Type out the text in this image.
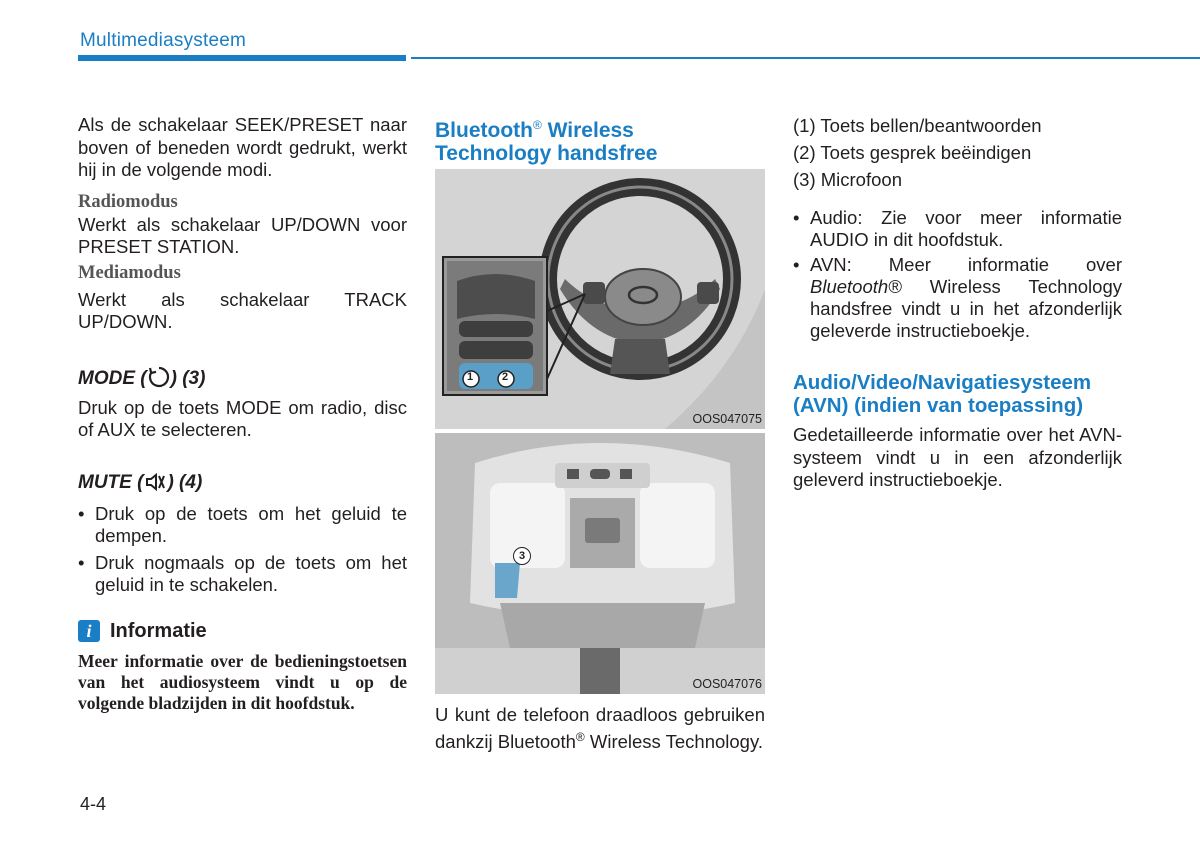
Multimediasysteem

Als de schakelaar SEEK/PRESET naar boven of beneden wordt gedrukt, werkt hij in de volgende modi.

Radiomodus

Werkt als schakelaar UP/DOWN voor PRESET STATION.

Mediamodus

Werkt als schakelaar TRACK UP/DOWN.

MODE ( ) (3)

Druk op de toets MODE om radio, disc of AUX te selecteren.

MUTE ( ) (4)

• Druk op de toets om het geluid te dempen.

• Druk nogmaals op de toets om het geluid in te schakelen.

i Informatie

Meer informatie over de bedieningstoetsen van het audiosysteem vindt u op de volgende bladzijden in dit hoofdstuk.

Bluetooth® Wireless
Technology handsfree

1	2
OOS047075
3
OOS047076

U kunt de telefoon draadloos gebruiken dankzij Bluetooth® Wireless Technology.

(1) Toets bellen/beantwoorden

(2) Toets gesprek beëindigen

(3) Microfoon

• Audio: Zie voor meer informatie AUDIO in dit hoofdstuk.

• AVN: Meer informatie over Bluetooth® Wireless Technology handsfree vindt u in het afzonderlijk geleverde instructieboekje.

Audio/Video/Navigatiesysteem (AVN) (indien van toepassing)

Gedetailleerde informatie over het AVN-systeem vindt u in een afzonderlijk geleverd instructieboekje.

4-4
